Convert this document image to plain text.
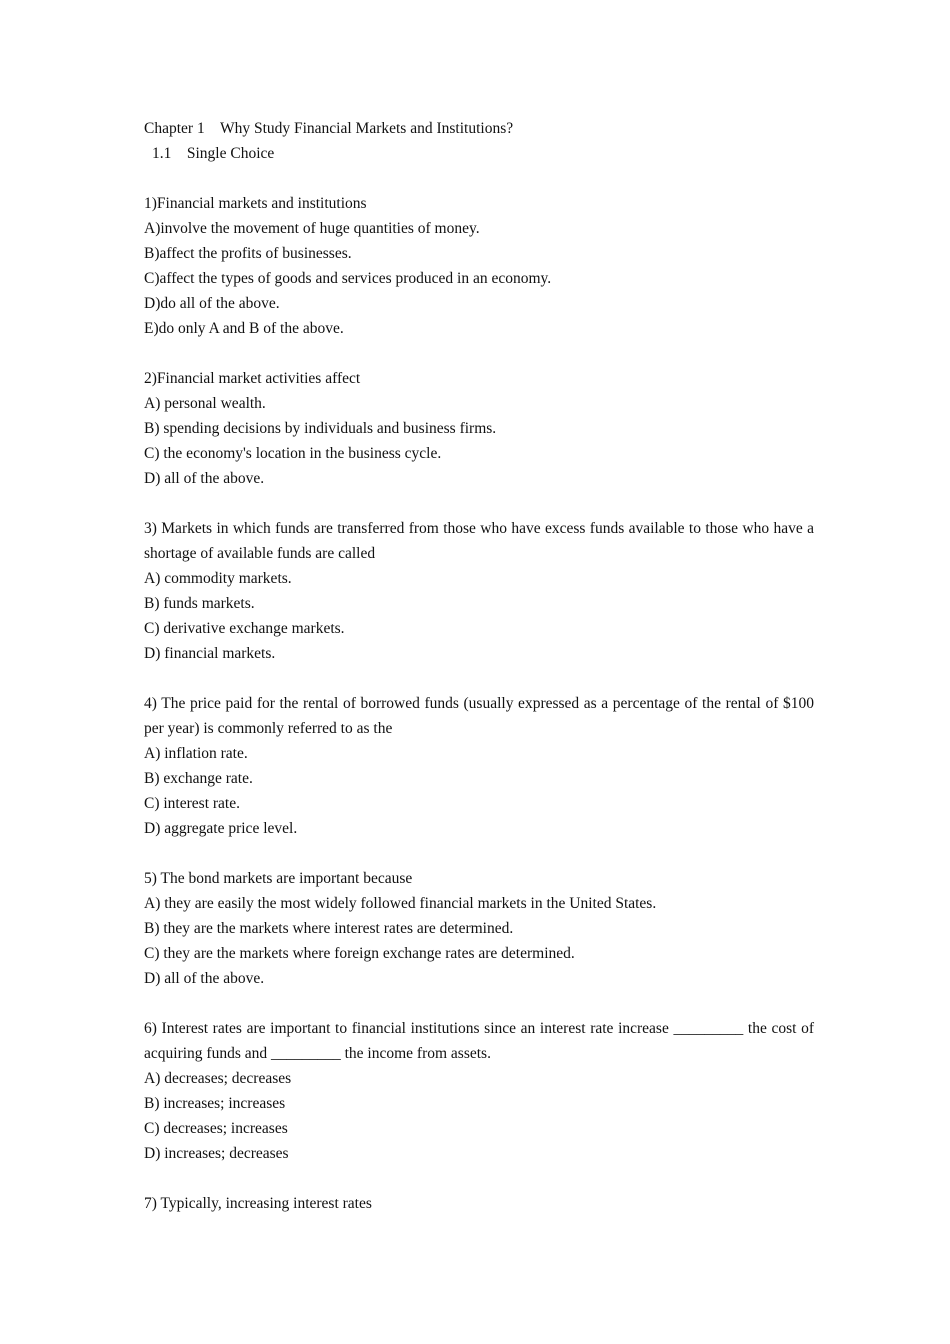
Chapter 1 Why Study Financial Markets and Institutions?
1.1 Single Choice
1)Financial markets and institutions
A)involve the movement of huge quantities of money.
B)affect the profits of businesses.
C)affect the types of goods and services produced in an economy.
D)do all of the above.
E)do only A and B of the above.
2)Financial market activities affect
A) personal wealth.
B) spending decisions by individuals and business firms.
C) the economy's location in the business cycle.
D) all of the above.
3) Markets in which funds are transferred from those who have excess funds available to those who have a shortage of available funds are called
A) commodity markets.
B) funds markets.
C) derivative exchange markets.
D) financial markets.
4) The price paid for the rental of borrowed funds (usually expressed as a percentage of the rental of $100 per year) is commonly referred to as the
A) inflation rate.
B) exchange rate.
C) interest rate.
D) aggregate price level.
5) The bond markets are important because
A) they are easily the most widely followed financial markets in the United States.
B) they are the markets where interest rates are determined.
C) they are the markets where foreign exchange rates are determined.
D) all of the above.
6) Interest rates are important to financial institutions since an interest rate increase _________ the cost of acquiring funds and _________ the income from assets.
A) decreases; decreases
B) increases; increases
C) decreases; increases
D) increases; decreases
7) Typically, increasing interest rates
